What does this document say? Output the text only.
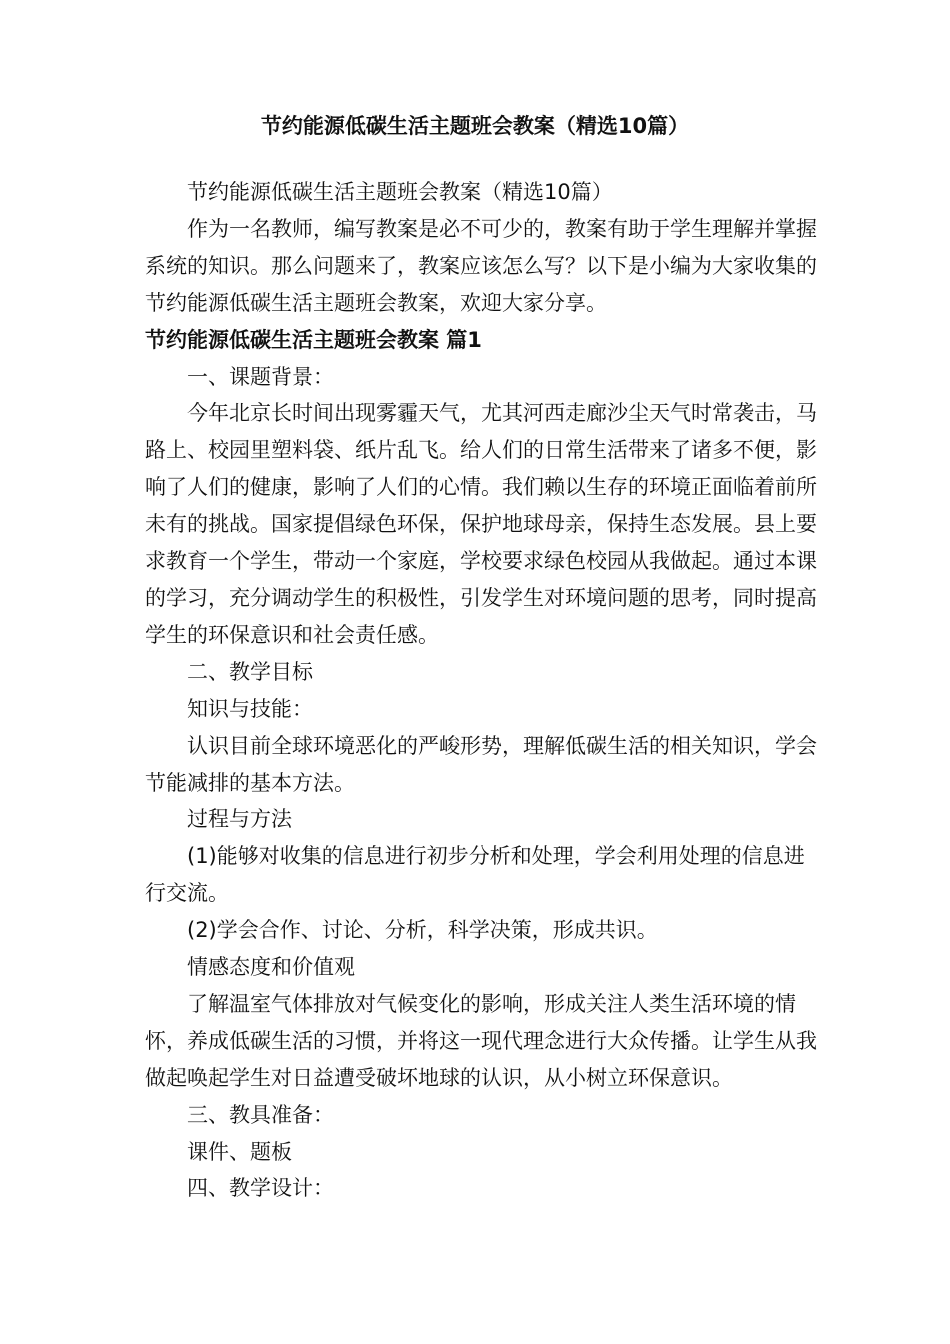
节约能源低碳生活主题班会教案（精选10篇）

节约能源低碳生活主题班会教案（精选10篇）

作为一名教师，编写教案是必不可少的，教案有助于学生理解并掌握系统的知识。那么问题来了，教案应该怎么写？以下是小编为大家收集的节约能源低碳生活主题班会教案，欢迎大家分享。

节约能源低碳生活主题班会教案 篇1

一、课题背景：

今年北京长时间出现雾霾天气，尤其河西走廊沙尘天气时常袭击，马路上、校园里塑料袋、纸片乱飞。给人们的日常生活带来了诸多不便，影响了人们的健康，影响了人们的心情。我们赖以生存的环境正面临着前所未有的挑战。国家提倡绿色环保，保护地球母亲，保持生态发展。县上要求教育一个学生，带动一个家庭，学校要求绿色校园从我做起。通过本课的学习，充分调动学生的积极性，引发学生对环境问题的思考，同时提高学生的环保意识和社会责任感。

二、教学目标

知识与技能：

认识目前全球环境恶化的严峻形势，理解低碳生活的相关知识，学会节能减排的基本方法。

过程与方法

(1)能够对收集的信息进行初步分析和处理，学会利用处理的信息进行交流。

(2)学会合作、讨论、分析，科学决策，形成共识。

情感态度和价值观

了解温室气体排放对气候变化的影响，形成关注人类生活环境的情怀，养成低碳生活的习惯，并将这一现代理念进行大众传播。让学生从我做起唤起学生对日益遭受破坏地球的认识，从小树立环保意识。

三、教具准备：

课件、题板

四、教学设计：
